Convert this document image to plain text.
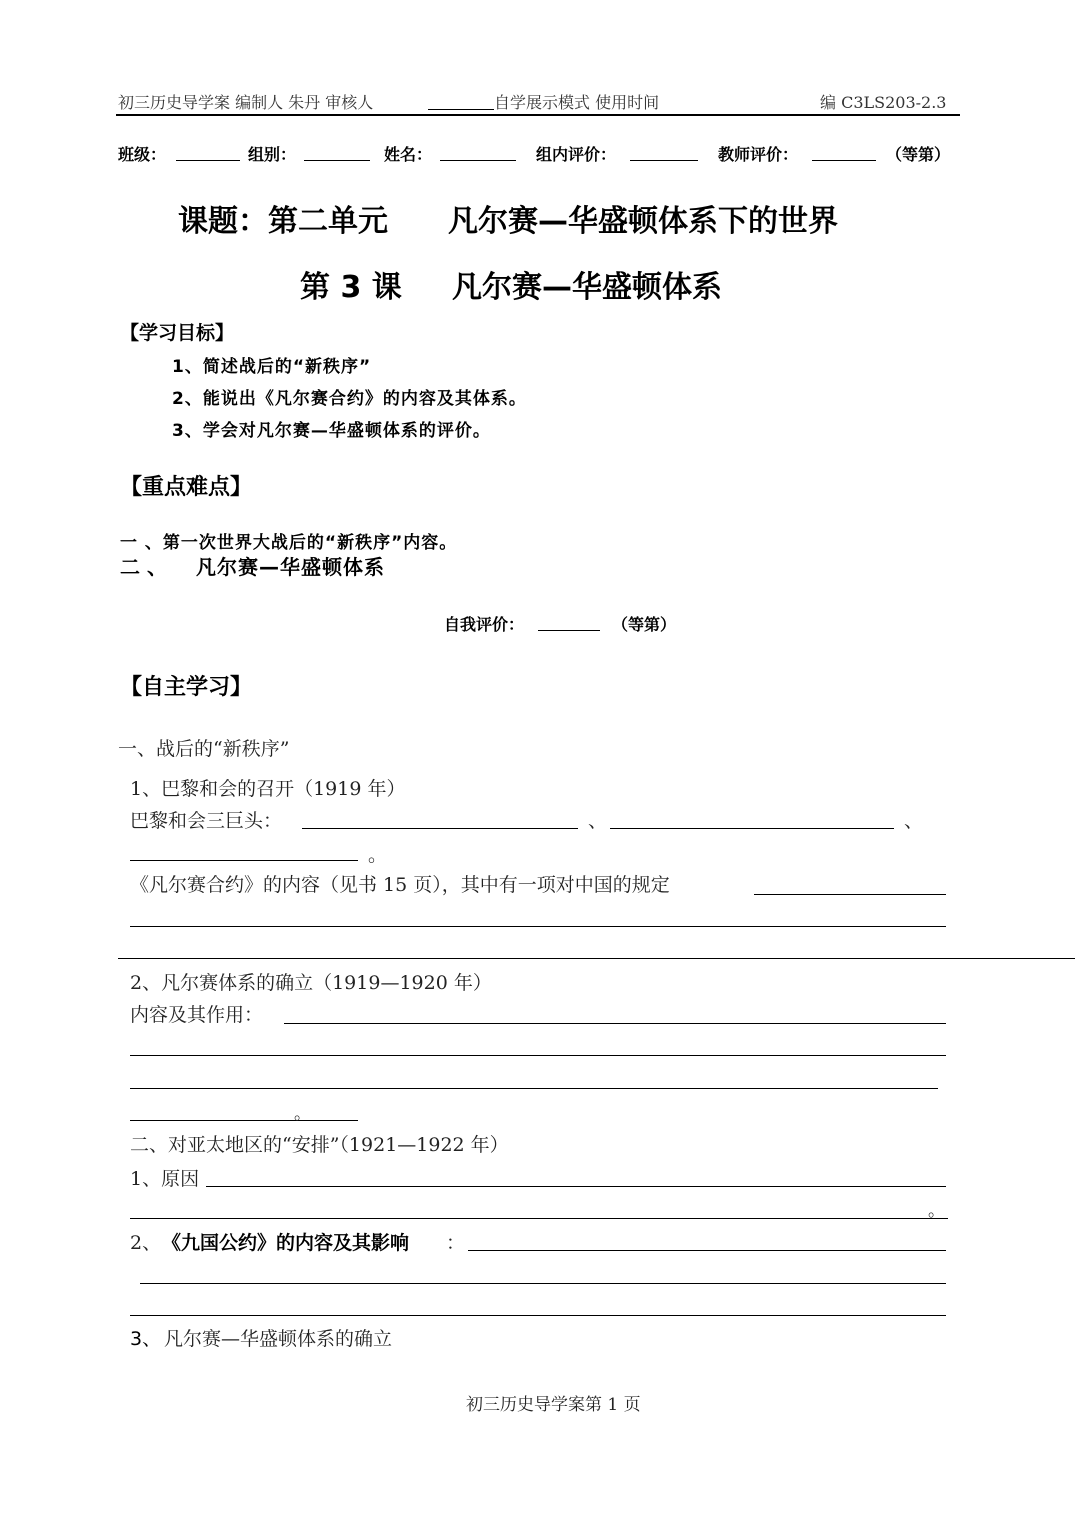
初三历史导学案 编制人 朱丹 审核人	自学展示模式 使用时间	编 C3LS203-2.3
班级：	组别：	姓名：	组内评价：	教师评价：	（等第）
课题：第二单元 凡尔赛—华盛顿体系下的世界
第 3 课 凡尔赛—华盛顿体系
【学习目标】
1、简述战后的“新秩序”
2、能说出《凡尔赛合约》的内容及其体系。
3、学会对凡尔赛—华盛顿体系的评价。
【重点难点】
一 、第一次世界大战后的“新秩序”内容。
二 、 凡尔赛—华盛顿体系
自我评价：	（等第）
【自主学习】
一、战后的“新秩序”
1、巴黎和会的召开（1919 年）
巴黎和会三巨头：	、	、
。
《凡尔赛合约》的内容（见书 15 页），其中有一项对中国的规定
2、凡尔赛体系的确立（1919—1920 年）
内容及其作用：
。
二、对亚太地区的“安排”（1921—1922 年）
1、原因
。
2、 《九国公约》的内容及其影响 ：
3、 凡尔赛—华盛顿体系的确立
初三历史导学案第 1 页
